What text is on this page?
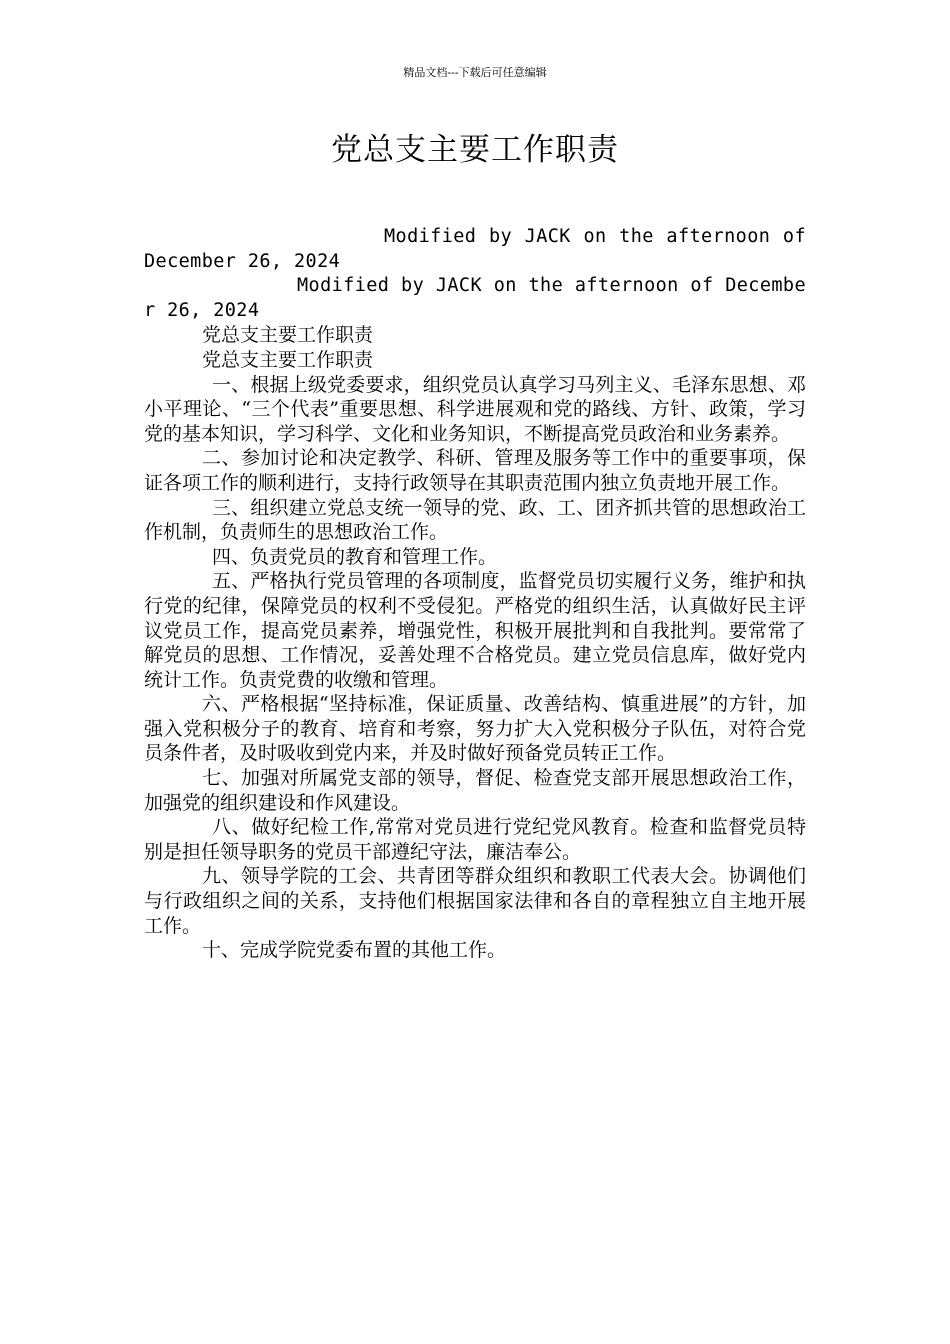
精品文档---下载后可任意编辑
党总支主要工作职责

Modified by JACK on the afternoon of December 26, 2024

Modified by JACK on the afternoon of December 26, 2024

党总支主要工作职责

党总支主要工作职责

一、根据上级党委要求，组织党员认真学习马列主义、毛泽东思想、邓小平理论、“三个代表”重要思想、科学进展观和党的路线、方针、政策，学习党的基本知识，学习科学、文化和业务知识，不断提高党员政治和业务素养。

二、参加讨论和决定教学、科研、管理及服务等工作中的重要事项，保证各项工作的顺利进行，支持行政领导在其职责范围内独立负责地开展工作。

三、组织建立党总支统一领导的党、政、工、团齐抓共管的思想政治工作机制，负责师生的思想政治工作。

四、负责党员的教育和管理工作。

五、严格执行党员管理的各项制度，监督党员切实履行义务，维护和执行党的纪律，保障党员的权利不受侵犯。严格党的组织生活，认真做好民主评议党员工作，提高党员素养，增强党性，积极开展批判和自我批判。要常常了解党员的思想、工作情况，妥善处理不合格党员。建立党员信息库，做好党内统计工作。负责党费的收缴和管理。

六、严格根据“坚持标准，保证质量、改善结构、慎重进展”的方针，加强入党积极分子的教育、培育和考察，努力扩大入党积极分子队伍，对符合党员条件者，及时吸收到党内来，并及时做好预备党员转正工作。

七、加强对所属党支部的领导，督促、检查党支部开展思想政治工作，加强党的组织建设和作风建设。

八、做好纪检工作,常常对党员进行党纪党风教育。检查和监督党员特别是担任领导职务的党员干部遵纪守法，廉洁奉公。

九、领导学院的工会、共青团等群众组织和教职工代表大会。协调他们与行政组织之间的关系，支持他们根据国家法律和各自的章程独立自主地开展工作。

十、完成学院党委布置的其他工作。
